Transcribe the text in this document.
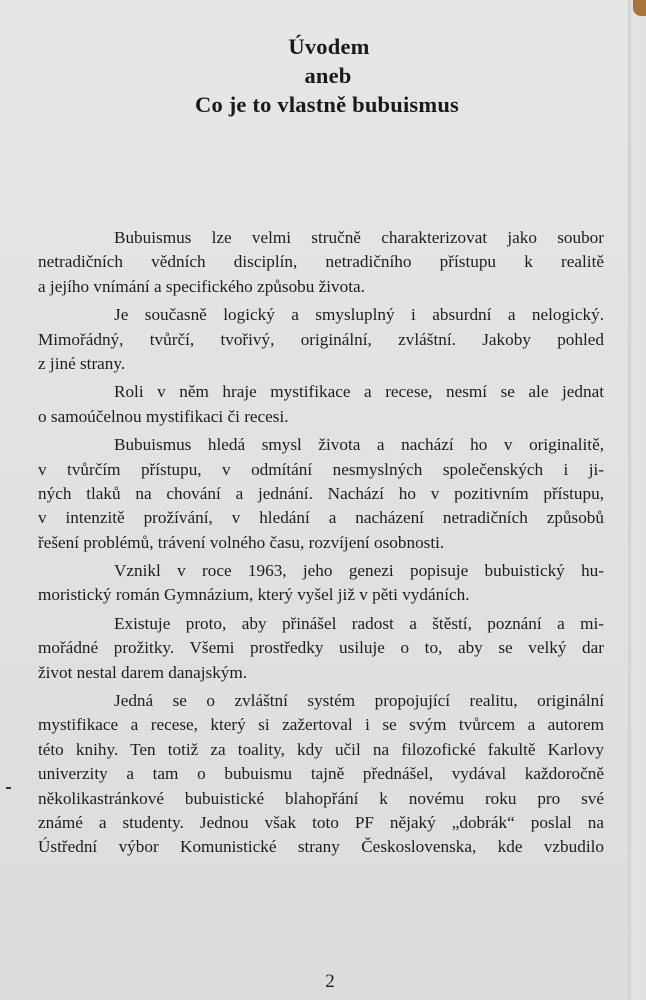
Úvodem
aneb
Co je to vlastně bubuismus
Bubuismus lze velmi stručně charakterizovat jako soubor
netradičních vědních disciplín, netradičního přístupu k realitě
a jejího vnímání a specifického způsobu života.
Je současně logický a smysluplný i absurdní a nelogický.
Mimořádný, tvůrčí, tvořivý, originální, zvláštní. Jakoby pohled
z jiné strany.
Roli v něm hraje mystifikace a recese, nesmí se ale jednat
o samoúčelnou mystifikaci či recesi.
Bubuismus hledá smysl života a nachází ho v originalitě,
v tvůrčím přístupu, v odmítání nesmyslných společenských i ji-
ných tlaků na chování a jednání. Nachází ho v pozitivním přístupu,
v intenzitě prožívání, v hledání a nacházení netradičních způsobů
řešení problémů, trávení volného času, rozvíjení osobnosti.
Vznikl v roce 1963, jeho genezi popisuje bubuistický hu-
moristický román Gymnázium, který vyšel již v pěti vydáních.
Existuje proto, aby přinášel radost a štěstí, poznání a mi-
mořádné prožitky. Všemi prostředky usiluje o to, aby se velký dar
život nestal darem danajským.
Jedná se o zvláštní systém propojující realitu, originální
mystifikace a recese, který si zažertoval i se svým tvůrcem a autorem
této knihy. Ten totiž za toality, kdy učil na filozofické fakultě Karlovy
univerzity a tam o bubuismu tajně přednášel, vydával každoročně
několikastránkové bubuistické blahopřání k novému roku pro své
známé a studenty. Jednou však toto PF nějaký „dobrák“ poslal na
Ústřední výbor Komunistické strany Československa, kde vzbudilo
2
